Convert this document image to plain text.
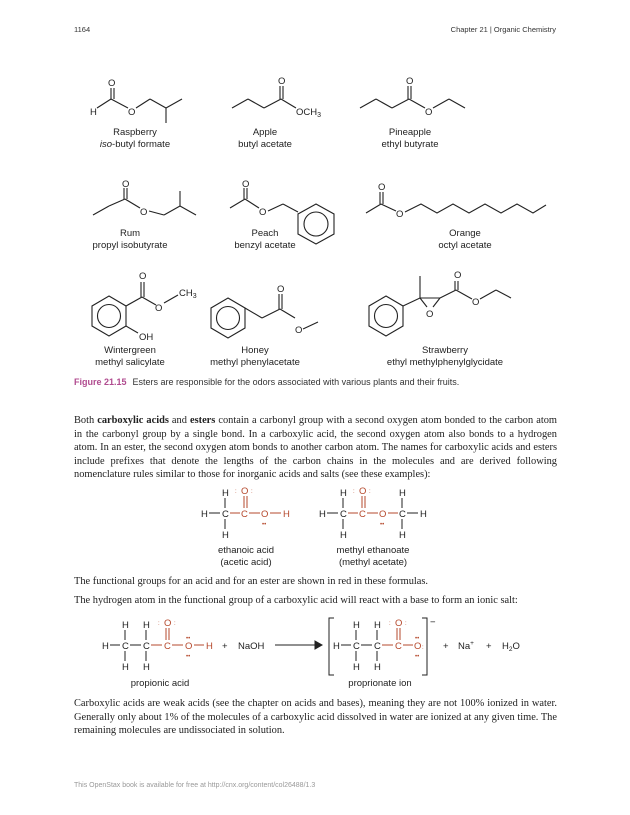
1164	Chapter 21 | Organic Chemistry
H
O
O
O
$OCH_3$
O
O
O
O
O
O
O
O
O
O
$CH_3$
OH
O
O
O
O
O
Raspberry
iso-butyl formate
Apple
butyl acetate
Pineapple
ethyl butyrate
Rum
propyl isobutyrate
Peach
benzyl acetate
Orange
octyl acetate
Wintergreen
methyl salicylate
Honey
methyl phenylacetate
Strawberry
ethyl methylphenylglycidate
Figure 21.15 Esters are responsible for the odors associated with various plants and their fruits.
Both carboxylic acids and esters contain a carbonyl group with a second oxygen atom bonded to the carbon atom in the carbonyl group by a single bond. In a carboxylic acid, the second oxygen atom also bonds to a hydrogen atom. In an ester, the second oxygen atom bonds to another carbon atom. The names for carboxylic acids and esters include prefixes that denote the lengths of the carbon chains in the molecules and are derived following nomenclature rules similar to those for inorganic acids and salts (see these examples):
H
H C
H
C
O
: :
O
••
H
H
H C
H
C
O
: :
O
••
C
H
H
H
ethanoic acid
(acetic acid)
methyl ethanoate
(methyl acetate)
The functional groups for an acid and for an ester are shown in red in these formulas.
The hydrogen atom in the functional group of a carboxylic acid will react with a base to form an ionic salt:
H C
H
H
C
H
H
C
O
: :
O
••
••
H + NaOH
−
H C
H
H
C
H
H
C
O
: :
O
••
••
: + $Na^+ + H_2O$
propionic acid	proprionate ion
Carboxylic acids are weak acids (see the chapter on acids and bases), meaning they are not 100% ionized in water. Generally only about 1% of the molecules of a carboxylic acid dissolved in water are ionized at any given time. The remaining molecules are undissociated in solution.
This OpenStax book is available for free at http://cnx.org/content/col26488/1.3
